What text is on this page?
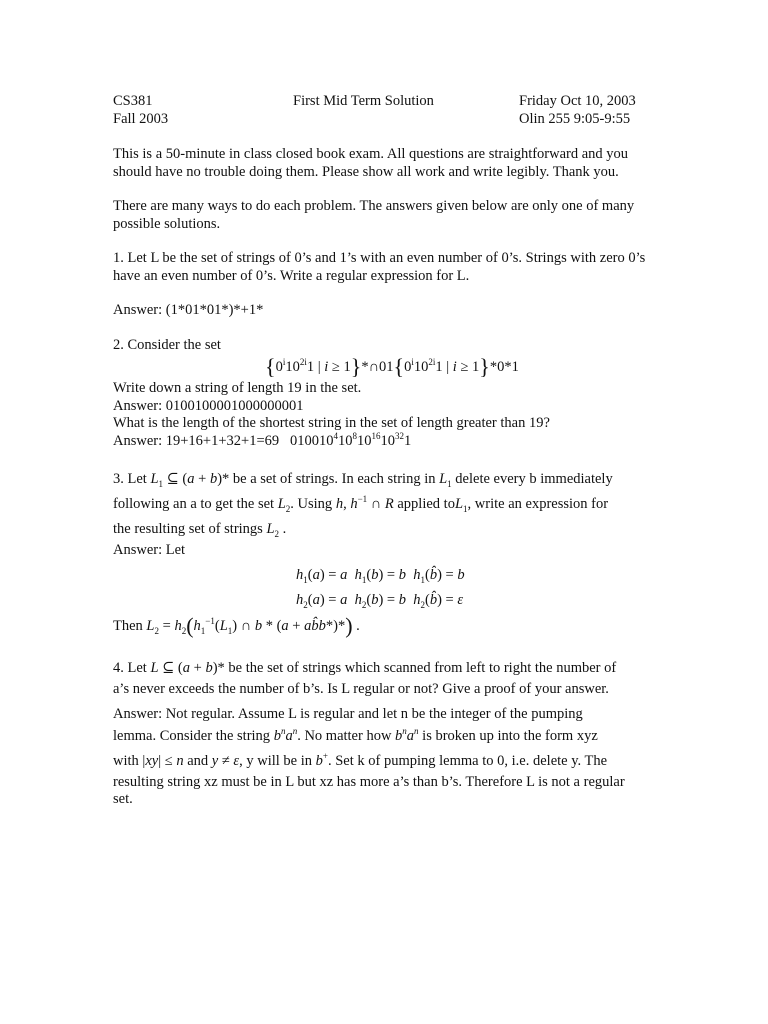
CS381	First Mid Term Solution	Friday Oct 10, 2003
Fall 2003	Olin 255 9:05-9:55

This is a 50-minute in class closed book exam. All questions are straightforward and you should have no trouble doing them. Please show all work and write legibly. Thank you.

There are many ways to do each problem. The answers given below are only one of many possible solutions.

1. Let L be the set of strings of 0’s and 1’s with an even number of 0’s. Strings with zero 0’s have an even number of 0’s. Write a regular expression for L.

Answer: (1*01*01*)*+1*

2. Consider the set

{$0^i10^{2i}1$ | $i \ge 1\}*\cap 01\{0^i10^{2i}1$ | i ≥ 1}*0*1

Write down a string of length 19 in the set.

Answer: 0100100001000000001

What is the length of the shortest string in the set of length greater than 19?

Answer: 19+16+1+32+1=69   $010010^410^810^{16}10^{32}1$

3. Let $L_1$ ⊆ (a + b)* be a set of strings. In each string in $L_1$ delete every b immediately

following an a to get the set $L_2$. Using h, $h^{-1}$ ∩ R applied toL$_1$, write an expression for

the resulting set of strings $L_2$ .

Answer: Let

$h_1(a) = a$ $h_1(b) = b$ $h_1(b̂) = b$
$h_2(a) = a$ $h_2(b) = b$ $h_2(b̂) = \varepsilon$

Then $L_2 = h_2(h_1^{-1}(L_1)$ ∩ b * (a + ab̂b*)*) .

4. Let L ⊆ (a + b)* be the set of strings which scanned from left to right the number of

a’s never exceeds the number of b’s. Is L regular or not? Give a proof of your answer.

Answer: Not regular. Assume L is regular and let n be the integer of the pumping

lemma. Consider the string $b^na^n$. No matter how $b^na^n$ is broken up into the form xyz

with |xy| ≤ n and y ≠ ε, y will be in b+. Set k of pumping lemma to 0, i.e. delete y. The

resulting string xz must be in L but xz has more a’s than b’s. Therefore L is not a regular

set.
